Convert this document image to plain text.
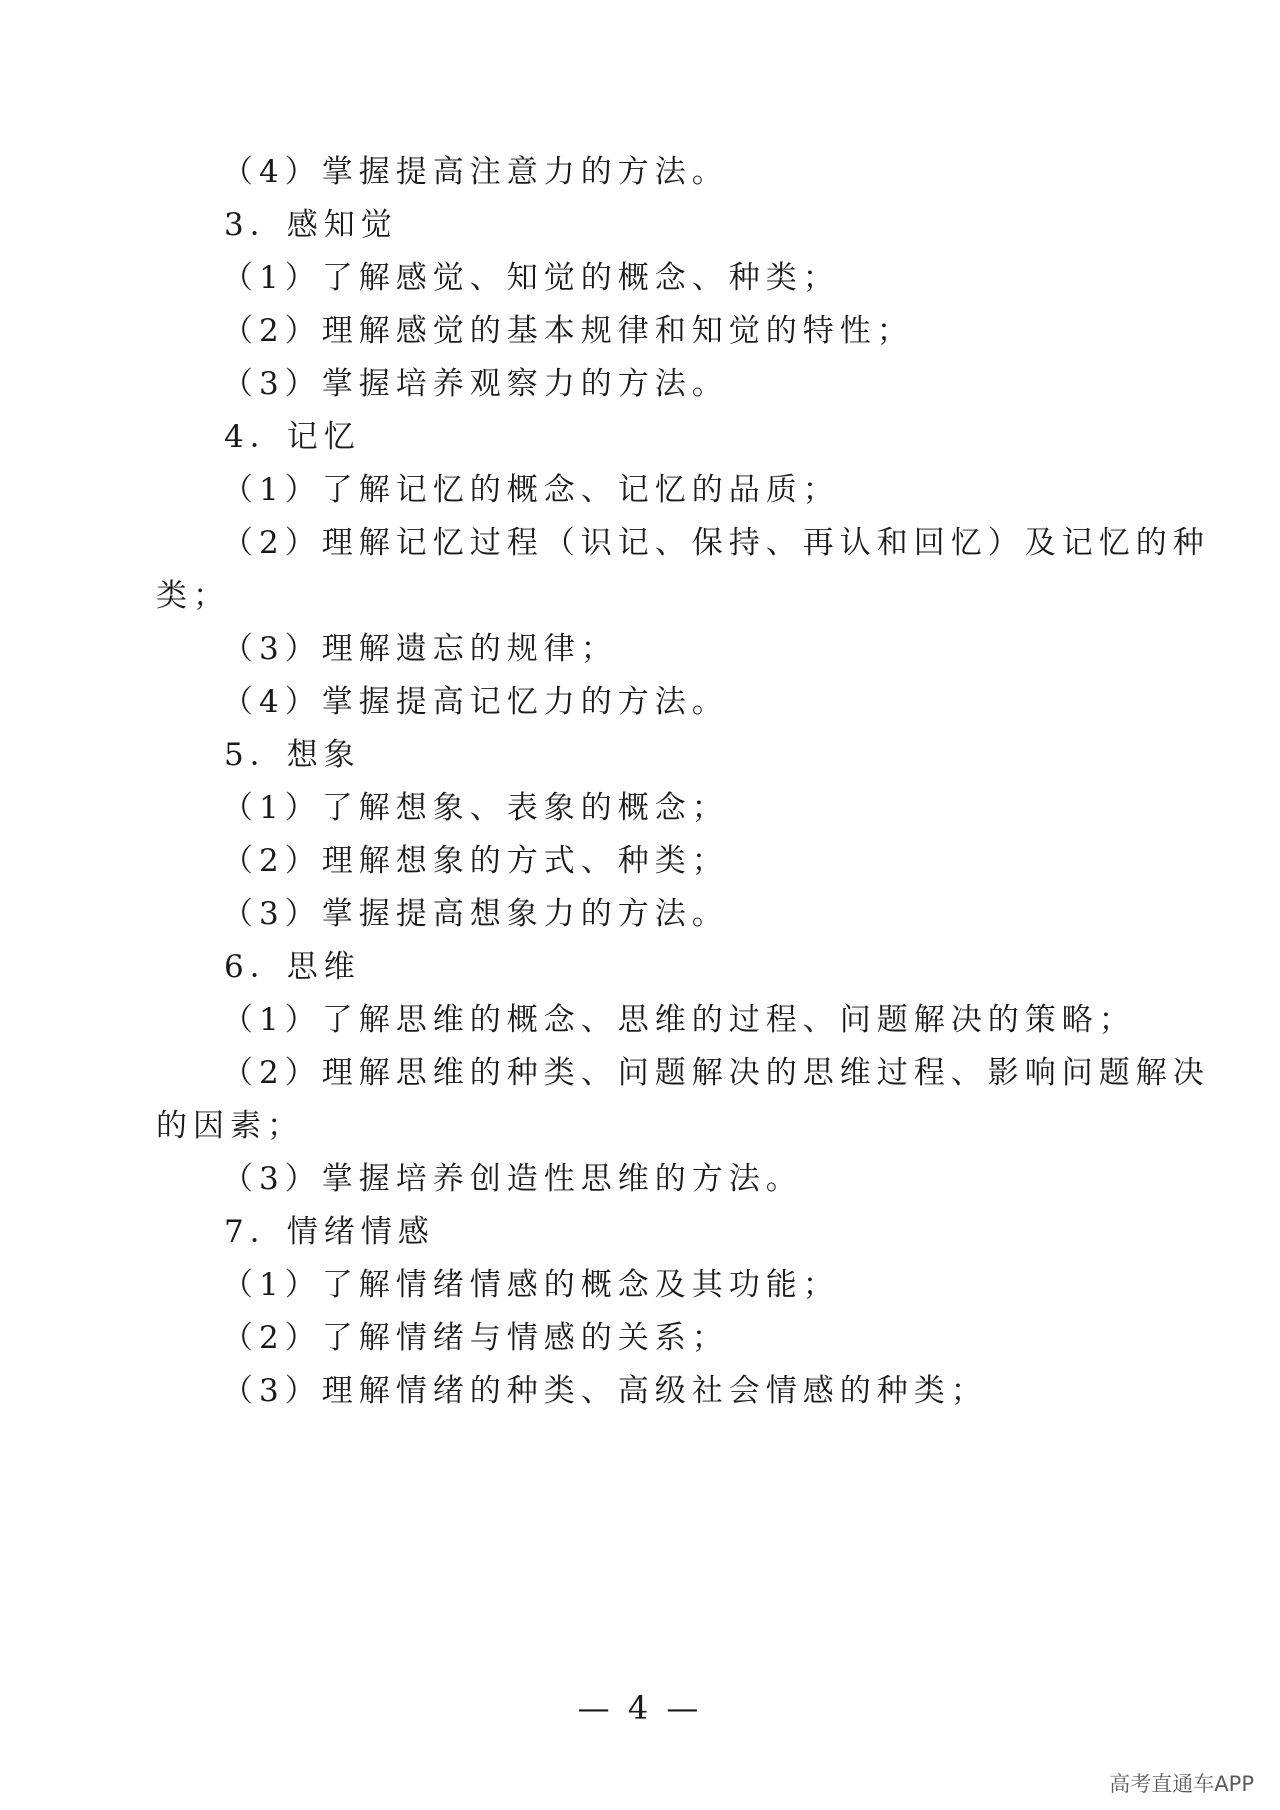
（4）掌握提高注意力的方法。
3．感知觉
（1）了解感觉、知觉的概念、种类；
（2）理解感觉的基本规律和知觉的特性；
（3）掌握培养观察力的方法。
4．记忆
（1）了解记忆的概念、记忆的品质；
（2）理解记忆过程（识记、保持、再认和回忆）及记忆的种
类；
（3）理解遗忘的规律；
（4）掌握提高记忆力的方法。
5．想象
（1）了解想象、表象的概念；
（2）理解想象的方式、种类；
（3）掌握提高想象力的方法。
6．思维
（1）了解思维的概念、思维的过程、问题解决的策略；
（2）理解思维的种类、问题解决的思维过程、影响问题解决
的因素；
（3）掌握培养创造性思维的方法。
7．情绪情感
（1）了解情绪情感的概念及其功能；
（2）了解情绪与情感的关系；
（3）理解情绪的种类、高级社会情感的种类；
— 4 —
高考直通车APP
